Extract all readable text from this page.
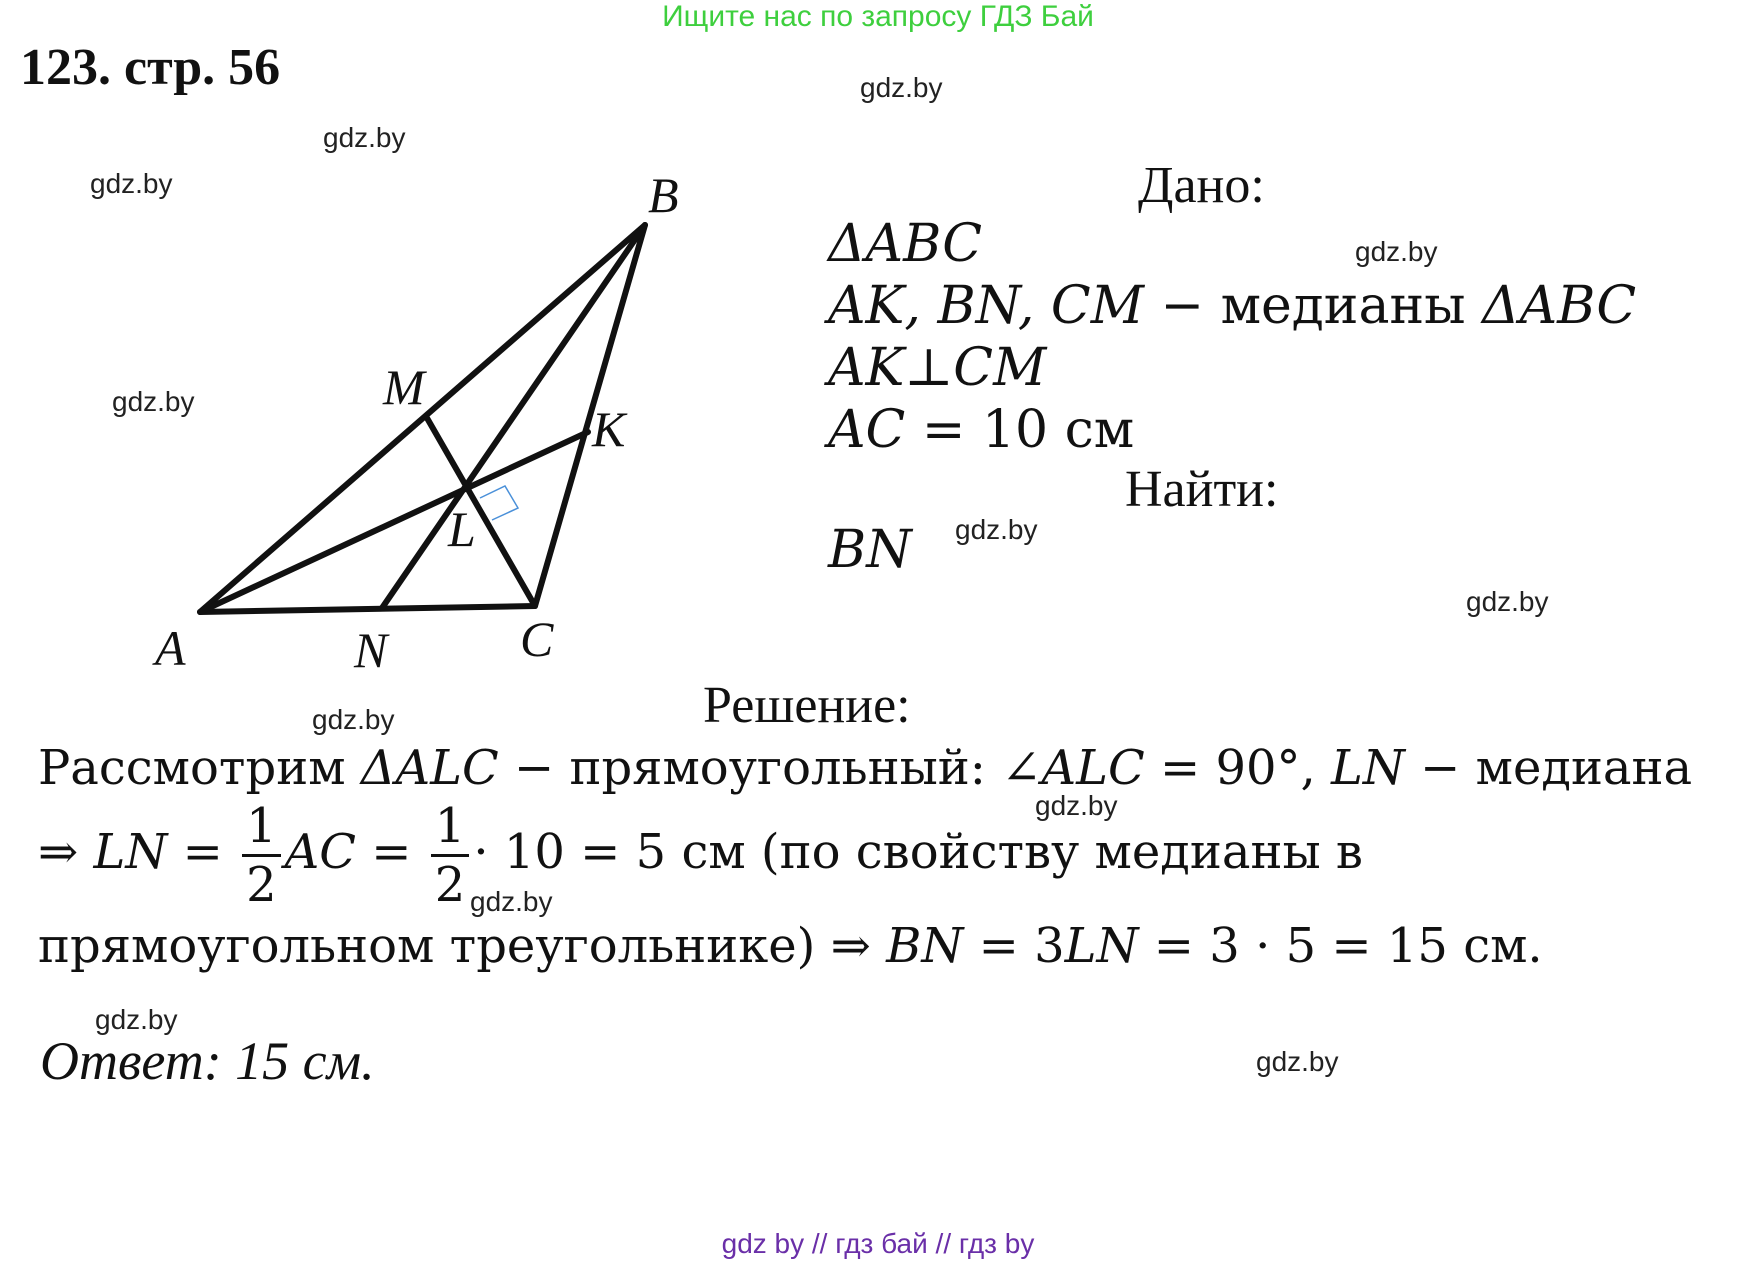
Ищите нас по запросу ГДЗ Бай
123. стр. 56	gdz.by
gdz.by
gdz.by
gdz.by
gdz.by
gdz.by
gdz.by
gdz.by
gdz.by
gdz.by
gdz.by
gdz.by
A
B
C
K
L
M
N
Дано:
ΔABC
AK, BN, CM − медианы ΔABC
AK⊥CM
AC = 10 см
Найти:
BN
Решение:
Рассмотрим ΔALC − прямоугольный: ∠ALC = 90°, LN − медиана
⇒ LN = $\frac{1}{2}$ AC = $\frac{1}{2} \cdot 10 = 5$ см (по свойству медианы в
прямоугольном треугольнике) ⇒ BN = 3LN = 3 · 5 = 15 см.
Ответ: 15 см.
gdz by // гдз бай // гдз by
